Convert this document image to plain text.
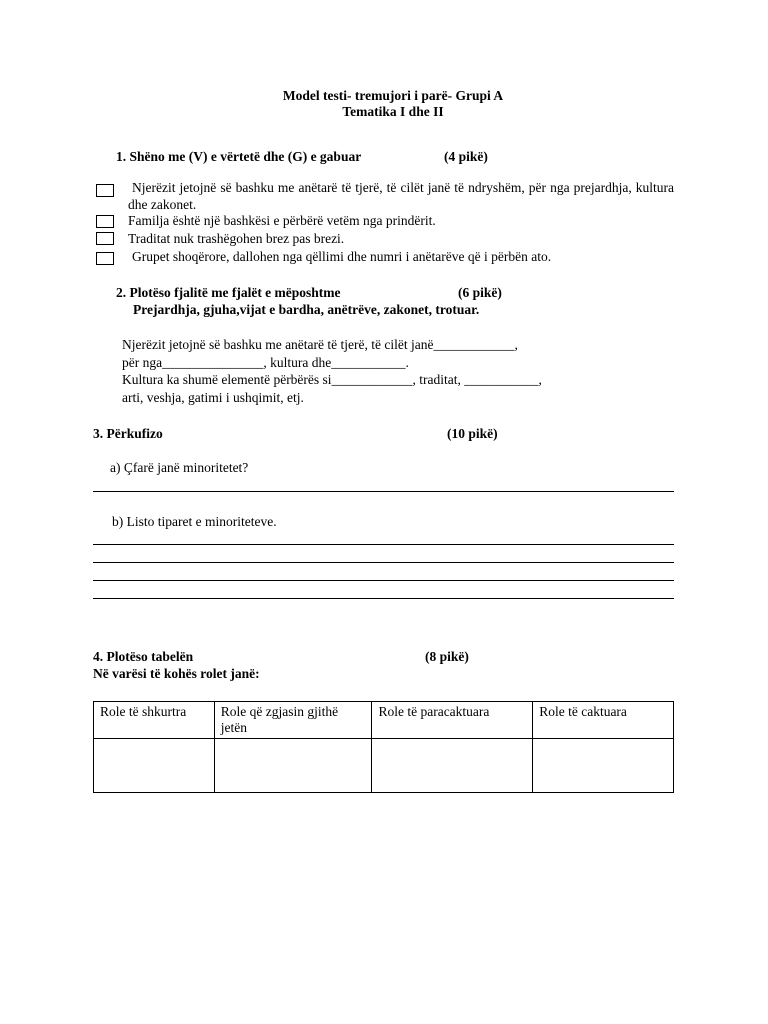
Model testi- tremujori i parë- Grupi A
Tematika I dhe II
1. Shëno me (V) e vërtetë dhe (G) e gabuar	(4 pikë)
Njerëzit jetojnë së bashku me anëtarë të tjerë, të cilët janë të ndryshëm, për nga prejardhja, kultura dhe zakonet.
Familja është një bashkësi e përbërë vetëm nga prindërit.
Traditat nuk trashëgohen brez pas brezi.
Grupet shoqërore, dallohen nga qëllimi dhe numri i anëtarëve që i përbën ato.
2. Plotëso fjalitë me fjalët e mëposhtme	(6 pikë)
Prejardhja, gjuha,vijat e bardha, anëtrëve, zakonet, trotuar.
Njerëzit jetojnë së bashku me anëtarë të tjerë, të cilët janë____________,
për nga_______________, kultura dhe___________.
Kultura ka shumë elementë përbërës si____________, traditat, ___________,
arti, veshja, gatimi i ushqimit, etj.
3. Përkufizo	(10 pikë)
a) Çfarë janë minoritetet?
b) Listo tiparet e minoriteteve.
4. Plotëso tabelën	(8 pikë)
Në varësi të kohës rolet janë:
Role të shkurtra	Role që zgjasin gjithë jetën	Role të paracaktuara	Role të caktuara
